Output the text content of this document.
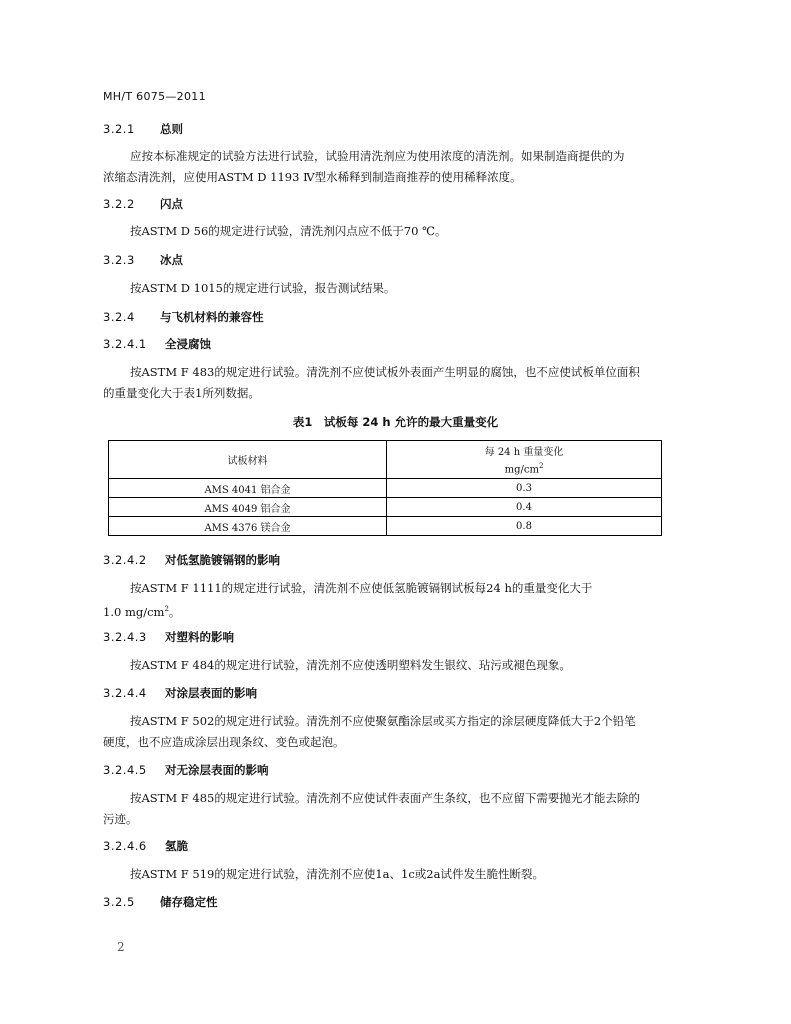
MH/T 6075—2011
3.2.1 总则
应按本标准规定的试验方法进行试验，试验用清洗剂应为使用浓度的清洗剂。如果制造商提供的为
浓缩态清洗剂，应使用ASTM D 1193 Ⅳ型水稀释到制造商推荐的使用稀释浓度。
3.2.2 闪点
按ASTM D 56的规定进行试验，清洗剂闪点应不低于70 ℃。
3.2.3 冰点
按ASTM D 1015的规定进行试验，报告测试结果。
3.2.4 与飞机材料的兼容性
3.2.4.1 全浸腐蚀
按ASTM F 483的规定进行试验。清洗剂不应使试板外表面产生明显的腐蚀，也不应使试板单位面积
的重量变化大于表1所列数据。
表1　试板每 24 h 允许的最大重量变化
试板材料	每 24 h 重量变化
$mg/cm^2$

AMS 4041 铝合金	0.3
AMS 4049 铝合金	0.4
AMS 4376 镁合金	0.8
3.2.4.2 对低氢脆镀镉钢的影响
按ASTM F 1111的规定进行试验，清洗剂不应使低氢脆镀镉钢试板每24 h的重量变化大于
1.0 $mg/cm^2$。
3.2.4.3 对塑料的影响
按ASTM F 484的规定进行试验，清洗剂不应使透明塑料发生银纹、玷污或褪色现象。
3.2.4.4 对涂层表面的影响
按ASTM F 502的规定进行试验。清洗剂不应使聚氨酯涂层或买方指定的涂层硬度降低大于2个铅笔
硬度，也不应造成涂层出现条纹、变色或起泡。
3.2.4.5 对无涂层表面的影响
按ASTM F 485的规定进行试验。清洗剂不应使试件表面产生条纹，也不应留下需要抛光才能去除的
污迹。
3.2.4.6 氢脆
按ASTM F 519的规定进行试验，清洗剂不应使1a、1c或2a试件发生脆性断裂。
3.2.5 储存稳定性
2
